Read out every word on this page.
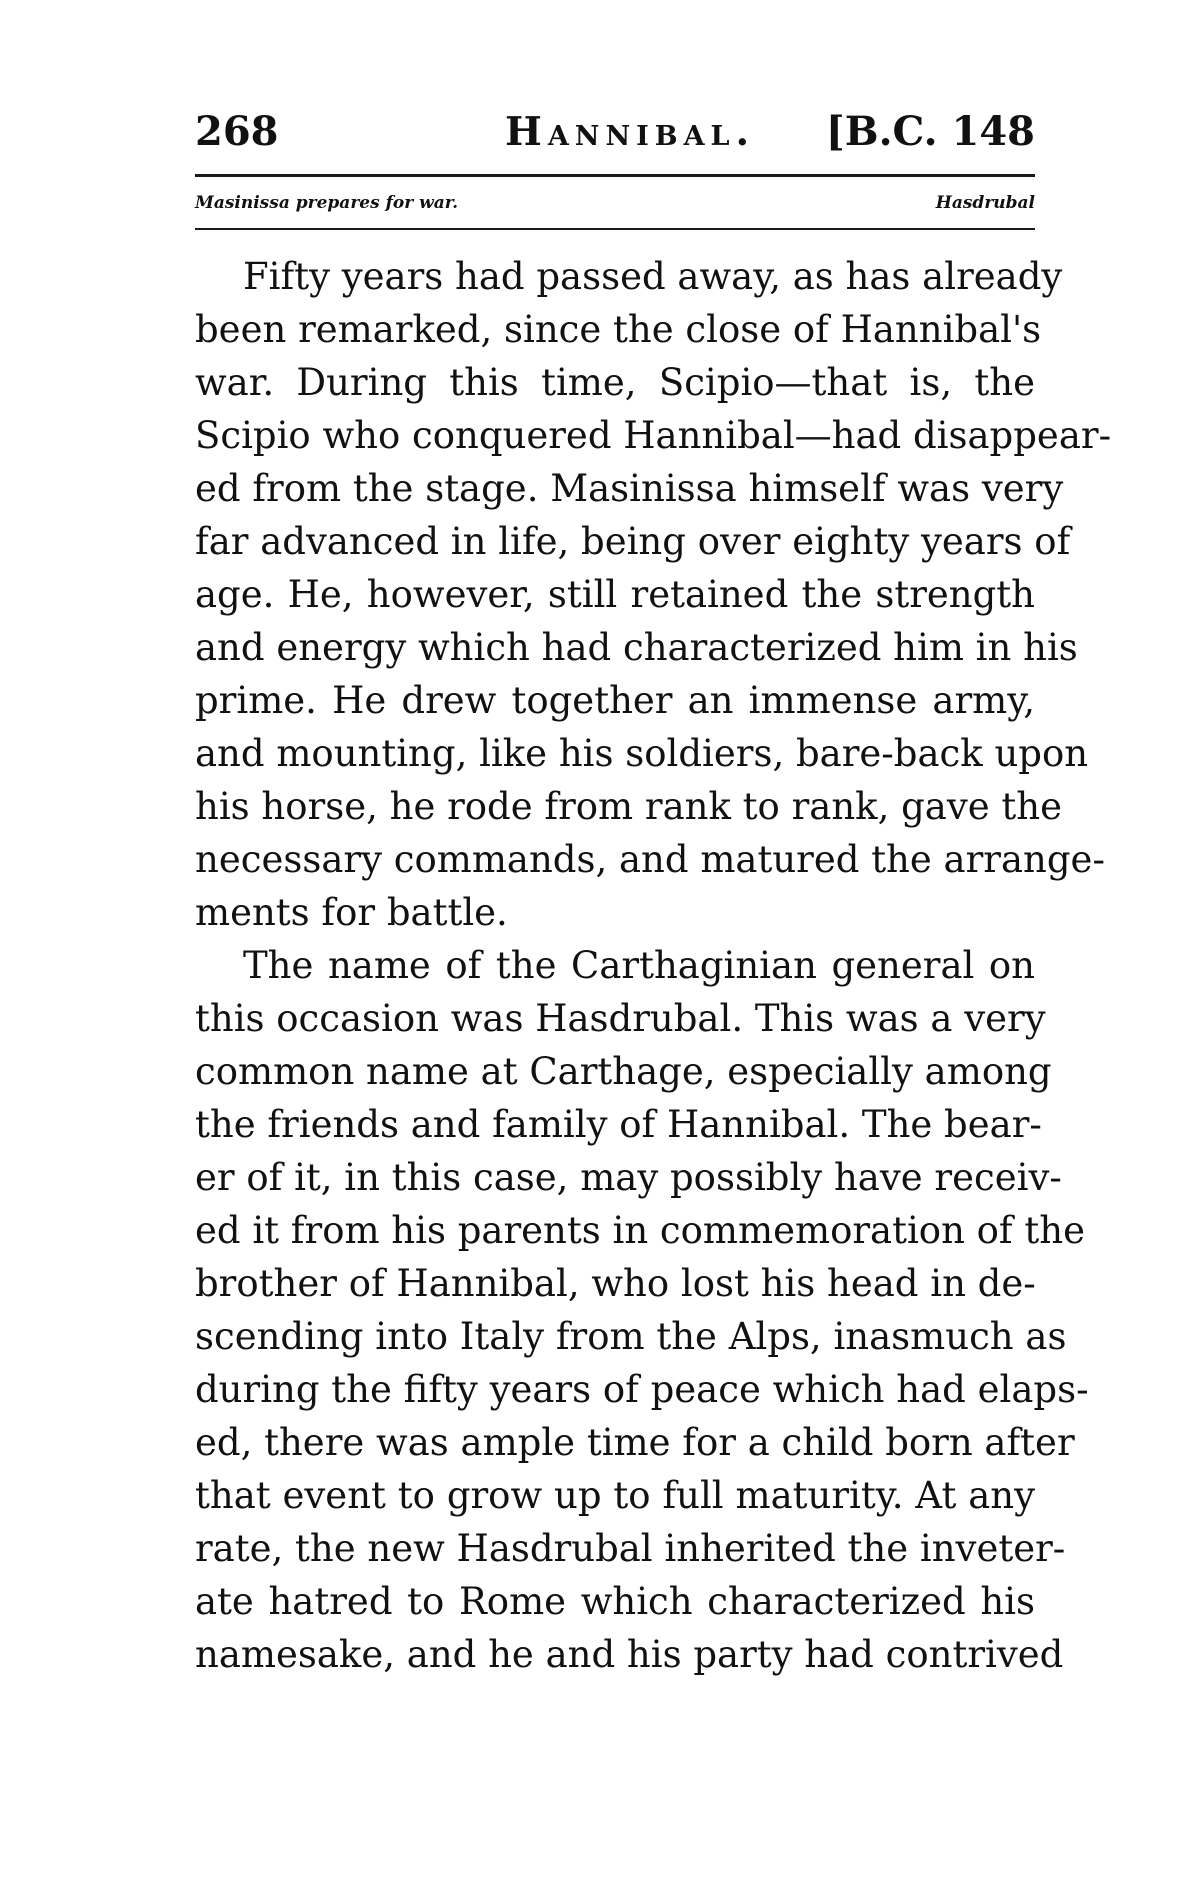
268	Hannibal. [B.C. 148
Masinissa prepares for war.	Hasdrubal
Fifty years had passed away, as has already
been remarked, since the close of Hannibal's
war. During this time, Scipio—that is, the
Scipio who conquered Hannibal—had disappear-
ed from the stage. Masinissa himself was very
far advanced in life, being over eighty years of
age. He, however, still retained the strength
and energy which had characterized him in his
prime. He drew together an immense army,
and mounting, like his soldiers, bare-back upon
his horse, he rode from rank to rank, gave the
necessary commands, and matured the arrange-
ments for battle.
The name of the Carthaginian general on
this occasion was Hasdrubal. This was a very
common name at Carthage, especially among
the friends and family of Hannibal. The bear-
er of it, in this case, may possibly have receiv-
ed it from his parents in commemoration of the
brother of Hannibal, who lost his head in de-
scending into Italy from the Alps, inasmuch as
during the fifty years of peace which had elaps-
ed, there was ample time for a child born after
that event to grow up to full maturity. At any
rate, the new Hasdrubal inherited the inveter-
ate hatred to Rome which characterized his
namesake, and he and his party had contrived
